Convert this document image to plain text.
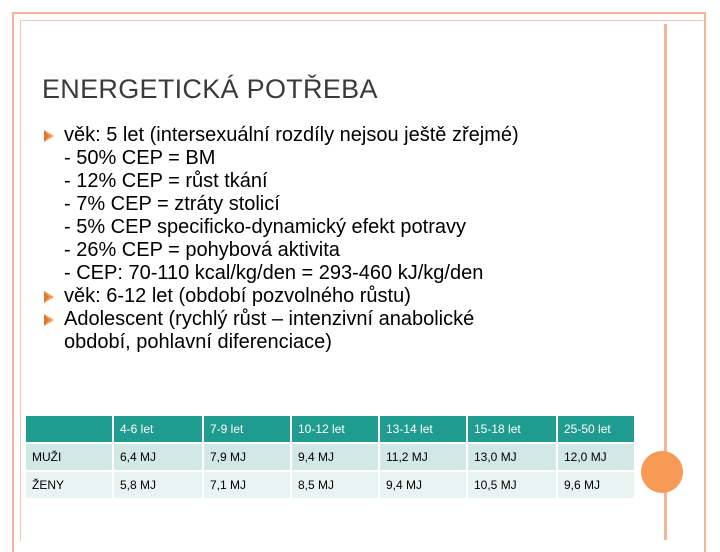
ENERGETICKÁ POTŘEBA
věk: 5 let (intersexuální rozdíly nejsou ještě zřejmé)
- 50% CEP = BM
- 12% CEP = růst tkání
- 7% CEP = ztráty stolicí
- 5% CEP specificko-dynamický efekt potravy
- 26% CEP = pohybová aktivita
- CEP: 70-110 kcal/kg/den = 293-460 kJ/kg/den
věk: 6-12 let (období pozvolného růstu)
Adolescent (rychlý růst – intenzivní anabolické
období, pohlavní diferenciace)
	4-6 let	7-9 let	10-12 let	13-14 let	15-18 let	25-50 let
MUŽI	6,4 MJ	7,9 MJ	9,4 MJ	11,2 MJ	13,0 MJ	12,0 MJ
ŽENY	5,8 MJ	7,1 MJ	8,5 MJ	9,4 MJ	10,5 MJ	9,6 MJ
